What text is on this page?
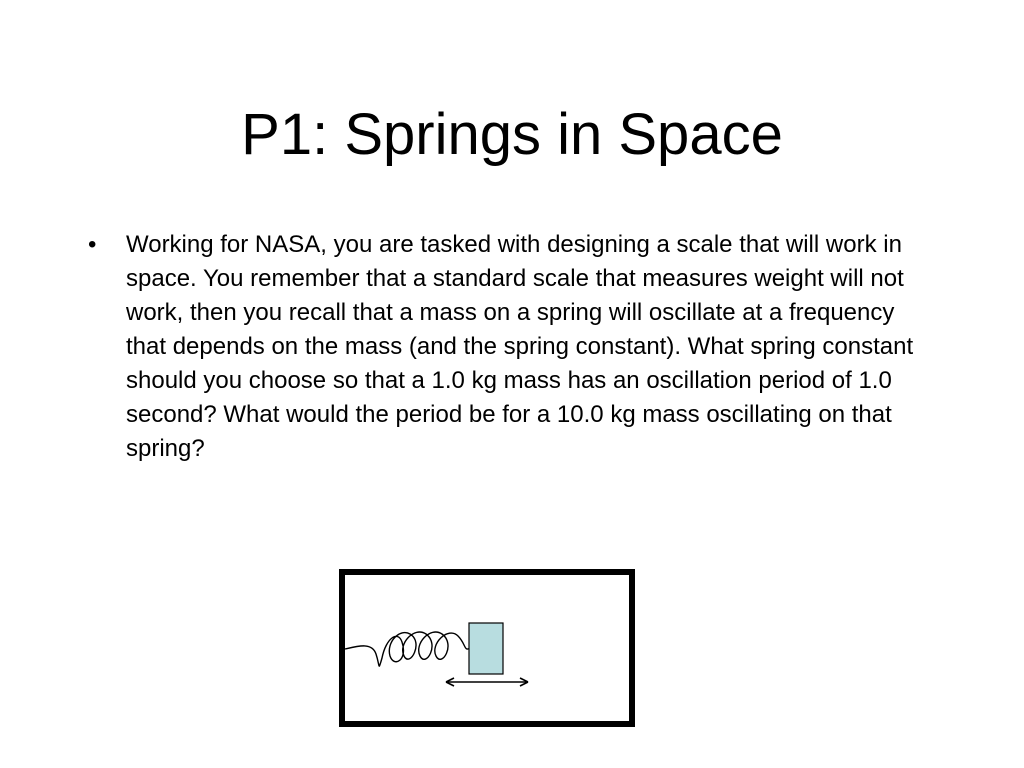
P1: Springs in Space
• Working for NASA, you are tasked with designing a scale that will work in space. You remember that a standard scale that measures weight will not work, then you recall that a mass on a spring will oscillate at a frequency that depends on the mass (and the spring constant). What spring constant should you choose so that a 1.0 kg mass has an oscillation period of 1.0 second? What would the period be for a 10.0 kg mass oscillating on that spring?
